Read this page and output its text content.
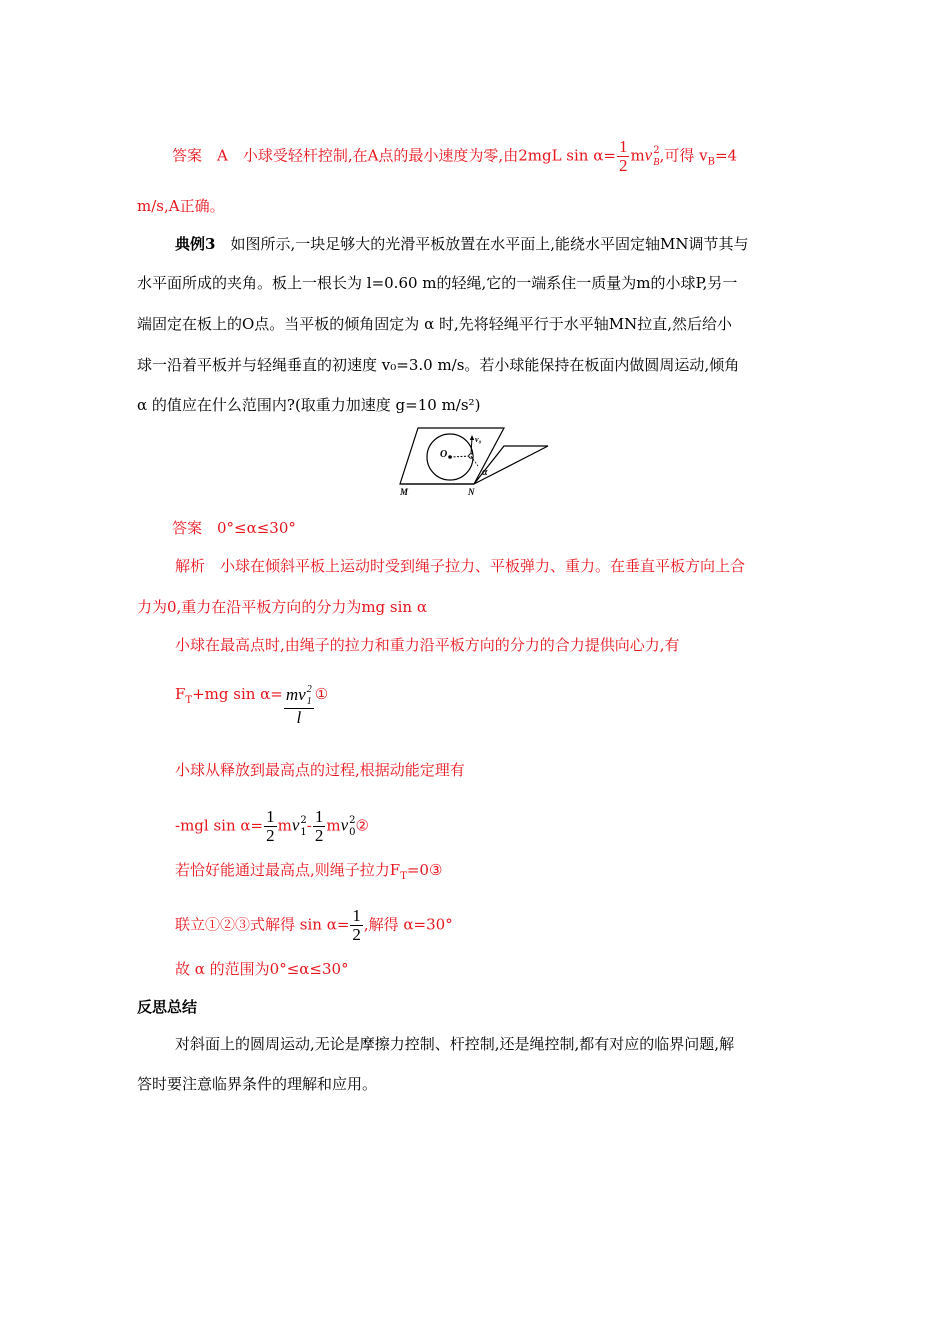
答案　A　小球受轻杆控制,在A点的最小速度为零,由2mgL $\sin \alpha= \frac{1}{2}$ mv 2
B ,可得 $v_B=4$
m/s,A正确。
典例3　 如图所示,一块足够大的光滑平板放置在水平面上,能绕水平固定轴MN调节其与
水平面所成的夹角。板上一根长为 l=0.60 m的轻绳,它的一端系住一质量为m的小球P,另一
端固定在板上的O点。当平板的倾角固定为 α 时,先将轻绳平行于水平轴MN拉直,然后给小
球一沿着平板并与轻绳垂直的初速度 v₀=3.0 m/s。若小球能保持在板面内做圆周运动,倾角
α 的值应在什么范围内?(取重力加速度 g=10 m/s²)
O
v₀
α
M	N
答案　0°≤α≤30°
解析　小球在倾斜平板上运动时受到绳子拉力、平板弹力、重力。在垂直平板方向上合
力为0,重力在沿平板方向的分力为mg sin α
小球在最高点时,由绳子的拉力和重力沿平板方向的分力的合力提供向心力,有
$F_T+mg$ sin α= mv 2
1
l ①
小球从释放到最高点的过程,根据动能定理有
-mgl $\sin \alpha= \frac{1}{2}$ mv 2
$1 - \frac{1}{2}$ mv 2
0 ②
若恰好能通过最高点,则绳子拉力$F_T=0③$
联立①②③式解得 $\sin \alpha= \frac{1}{2}$ ,解得 α=30°
故 α 的范围为0°≤α≤30°
反思总结
对斜面上的圆周运动,无论是摩擦力控制、杆控制,还是绳控制,都有对应的临界问题,解
答时要注意临界条件的理解和应用。
